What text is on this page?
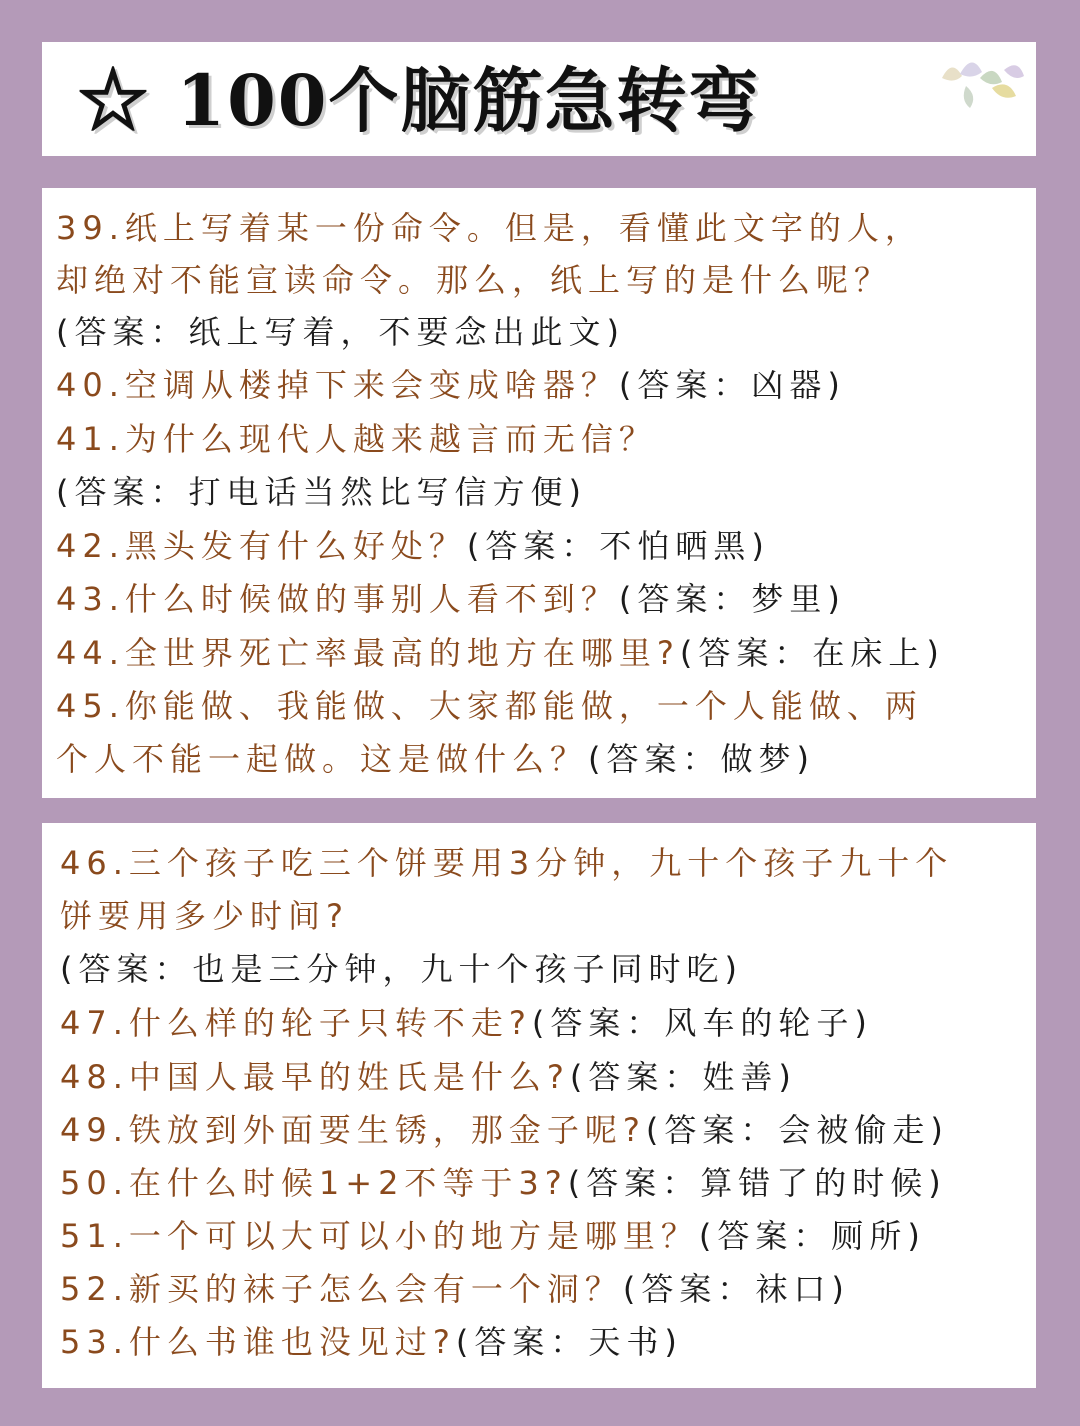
☆ 100个脑筋急转弯
39.纸上写着某一份命令。但是，看懂此文字的人，
却绝对不能宣读命令。那么，纸上写的是什么呢？
(答案：纸上写着，不要念出此文)
40.空调从楼掉下来会变成啥器？(答案：凶器)
41.为什么现代人越来越言而无信？
(答案：打电话当然比写信方便)
42.黑头发有什么好处？(答案：不怕晒黑)
43.什么时候做的事别人看不到？(答案：梦里)
44.全世界死亡率最高的地方在哪里?(答案：在床上)
45.你能做、我能做、大家都能做，一个人能做、两
个人不能一起做。这是做什么？(答案：做梦)
46.三个孩子吃三个饼要用3分钟，九十个孩子九十个
饼要用多少时间?
(答案：也是三分钟，九十个孩子同时吃)
47.什么样的轮子只转不走?(答案：风车的轮子)
48.中国人最早的姓氏是什么?(答案：姓善)
49.铁放到外面要生锈，那金子呢?(答案：会被偷走)
50.在什么时候1+2不等于3?(答案：算错了的时候)
51.一个可以大可以小的地方是哪里？(答案：厕所)
52.新买的袜子怎么会有一个洞？(答案：袜口)
53.什么书谁也没见过?(答案：天书)
